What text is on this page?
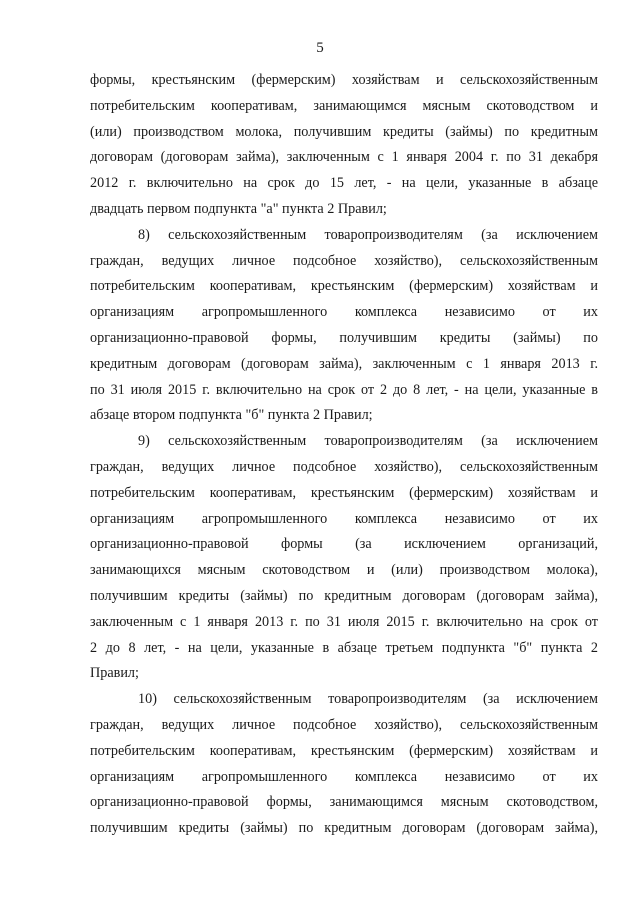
5
формы, крестьянским (фермерским) хозяйствам и сельскохозяйственным
потребительским кооперативам, занимающимся мясным скотоводством и
(или) производством молока, получившим кредиты (займы) по кредитным
договорам (договорам займа), заключенным с 1 января 2004 г. по 31 декабря
2012 г. включительно на срок до 15 лет, - на цели, указанные в абзаце
двадцать первом подпункта "а" пункта 2 Правил;
8) сельскохозяйственным товаропроизводителям (за исключением
граждан, ведущих личное подсобное хозяйство), сельскохозяйственным
потребительским кооперативам, крестьянским (фермерским) хозяйствам и
организациям агропромышленного комплекса независимо от их
организационно-правовой формы, получившим кредиты (займы) по
кредитным договорам (договорам займа), заключенным с 1 января 2013 г.
по 31 июля 2015 г. включительно на срок от 2 до 8 лет, - на цели, указанные в
абзаце втором подпункта "б" пункта 2 Правил;
9) сельскохозяйственным товаропроизводителям (за исключением
граждан, ведущих личное подсобное хозяйство), сельскохозяйственным
потребительским кооперативам, крестьянским (фермерским) хозяйствам и
организациям агропромышленного комплекса независимо от их
организационно-правовой формы (за исключением организаций,
занимающихся мясным скотоводством и (или) производством молока),
получившим кредиты (займы) по кредитным договорам (договорам займа),
заключенным с 1 января 2013 г. по 31 июля 2015 г. включительно на срок от
2 до 8 лет, - на цели, указанные в абзаце третьем подпункта "б" пункта 2
Правил;
10) сельскохозяйственным товаропроизводителям (за исключением
граждан, ведущих личное подсобное хозяйство), сельскохозяйственным
потребительским кооперативам, крестьянским (фермерским) хозяйствам и
организациям агропромышленного комплекса независимо от их
организационно-правовой формы, занимающимся мясным скотоводством,
получившим кредиты (займы) по кредитным договорам (договорам займа),
